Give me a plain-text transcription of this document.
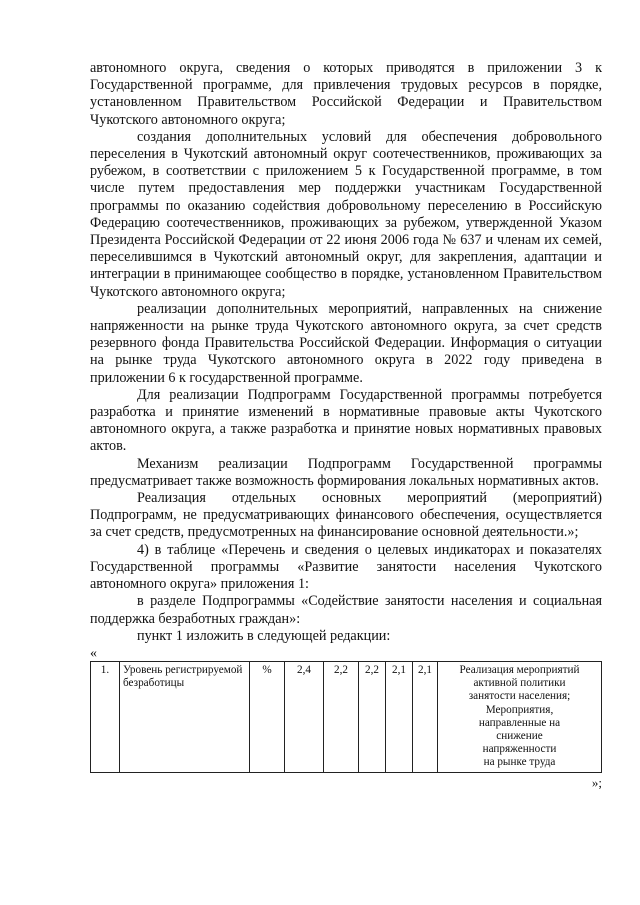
автономного округа, сведения о которых приводятся в приложении 3 к Государственной программе, для привлечения трудовых ресурсов в порядке, установленном Правительством Российской Федерации и Правительством Чукотского автономного округа;

создания дополнительных условий для обеспечения добровольного переселения в Чукотский автономный округ соотечественников, проживающих за рубежом, в соответствии с приложением 5 к Государственной программе, в том числе путем предоставления мер поддержки участникам Государственной программы по оказанию содействия добровольному переселению в Российскую Федерацию соотечественников, проживающих за рубежом, утвержденной Указом Президента Российской Федерации от 22 июня 2006 года № 637 и членам их семей, переселившимся в Чукотский автономный округ, для закрепления, адаптации и интеграции в принимающее сообщество в порядке, установленном Правительством Чукотского автономного округа;

реализации дополнительных мероприятий, направленных на снижение напряженности на рынке труда Чукотского автономного округа, за счет средств резервного фонда Правительства Российской Федерации. Информация о ситуации на рынке труда Чукотского автономного округа в 2022 году приведена в приложении 6 к государственной программе.

Для реализации Подпрограмм Государственной программы потребуется разработка и принятие изменений в нормативные правовые акты Чукотского автономного округа, а также разработка и принятие новых нормативных правовых актов.

Механизм реализации Подпрограмм Государственной программы предусматривает также возможность формирования локальных нормативных актов.

Реализация отдельных основных мероприятий (мероприятий) Подпрограмм, не предусматривающих финансового обеспечения, осуществляется за счет средств, предусмотренных на финансирование основной деятельности.»;

4) в таблице «Перечень и сведения о целевых индикаторах и показателях Государственной программы «Развитие занятости населения Чукотского автономного округа» приложения 1:

в разделе Подпрограммы «Содействие занятости населения и социальная поддержка безработных граждан»:

пункт 1 изложить в следующей редакции:

«
1.	Уровень регистрируемой безработицы	%	2,4	2,2	2,2	2,1	2,1	Реализация мероприятий
активной политики
занятости населения;
Мероприятия,
направленные на
снижение
напряженности
на рынке труда
»;
